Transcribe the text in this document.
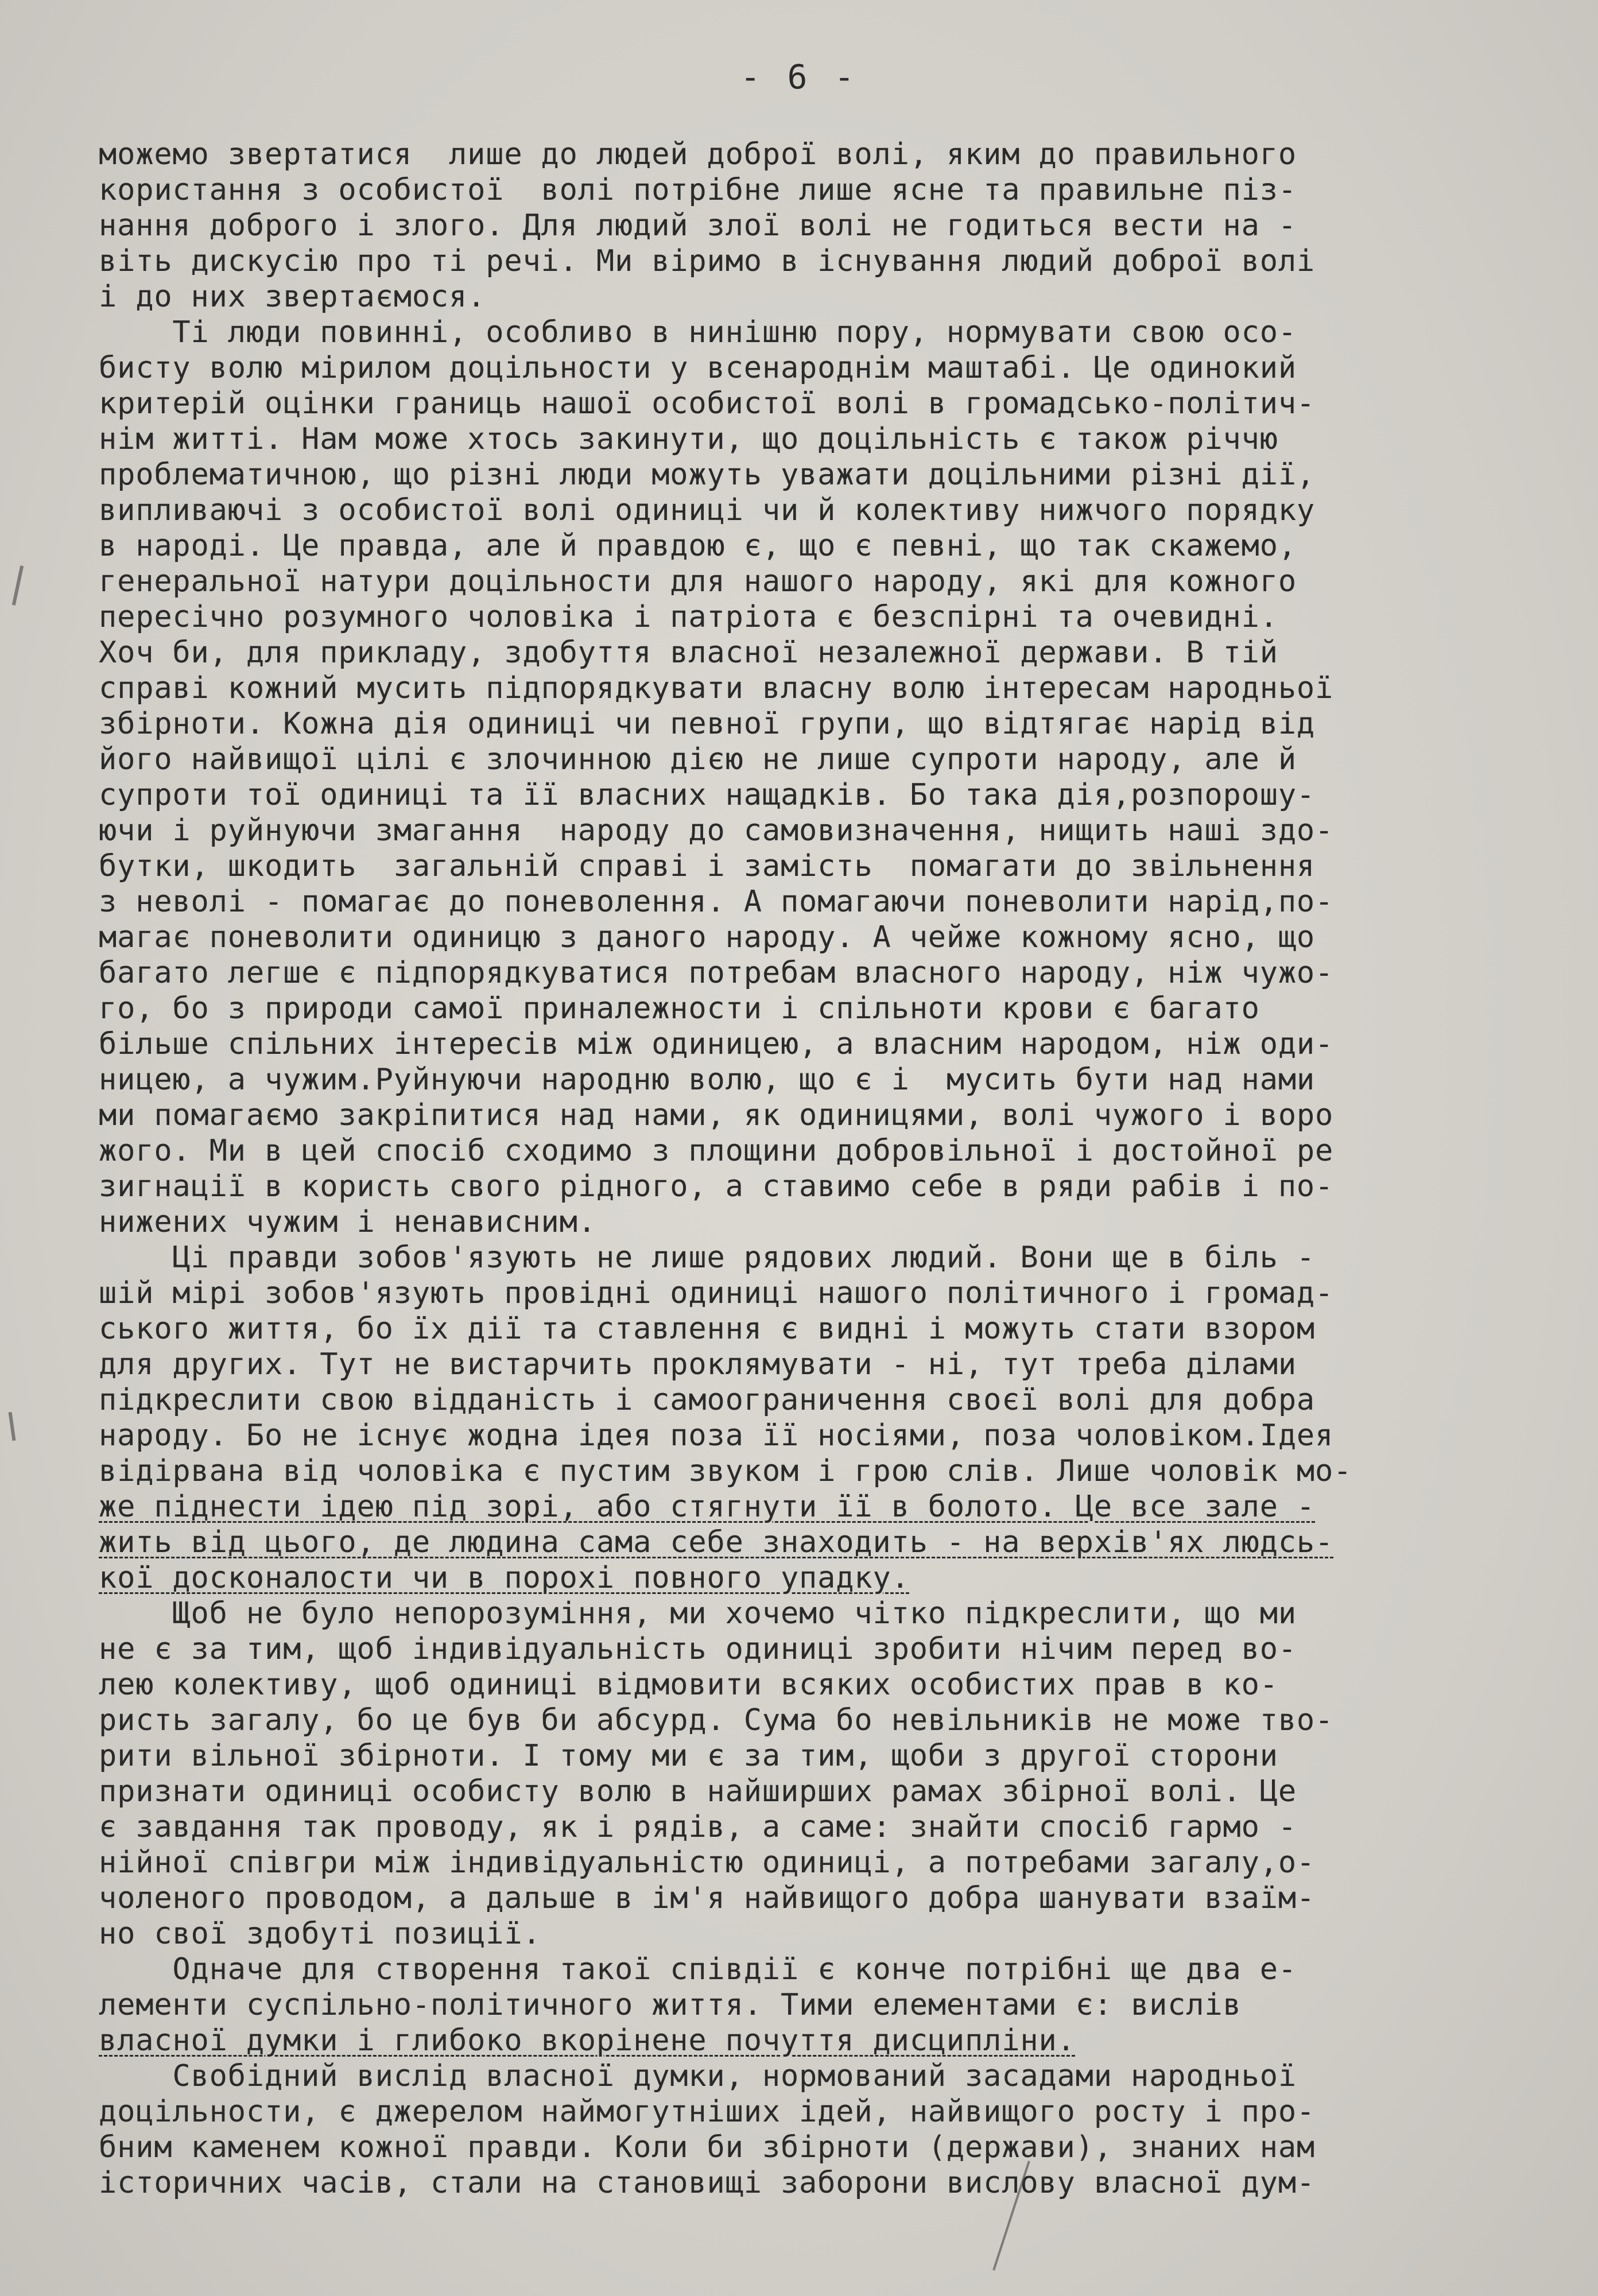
- 6 -
можемо звертатися  лише до людей доброї волі, яким до правильного
користання з особистої  волі потрібне лише ясне та правильне піз-
нання доброго і злого. Для людий злої волі не годиться вести на -
віть дискусію про ті речі. Ми віримо в існування людий доброї волі
і до них звертаємося.
Ті люди повинні, особливо в нинішню пору, нормувати свою осо-
бисту волю мірилом доцільности у всенароднім маштабі. Це одинокий
критерій оцінки границь нашої особистої волі в громадсько-політич-
нім житті. Нам може хтось закинути, що доцільність є також річчю
проблематичною, що різні люди можуть уважати доцільними різні дії,
випливаючі з особистої волі одиниці чи й колективу нижчого порядку
в народі. Це правда, але й правдою є, що є певні, що так скажемо,
генеральної натури доцільности для нашого народу, які для кожного
пересічно розумного чоловіка і патріота є безспірні та очевидні.
Хоч би, для прикладу, здобуття власної незалежної держави. В тій
справі кожний мусить підпорядкувати власну волю інтересам народньої
збірноти. Кожна дія одиниці чи певної групи, що відтягає нарід від
його найвищої цілі є злочинною дією не лише супроти народу, але й
супроти тої одиниці та її власних нащадків. Бо така дія,розпорошу-
ючи і руйнуючи змагання  народу до самовизначення, нищить наші здо-
бутки, шкодить  загальній справі і замість  помагати до звільнення
з неволі - помагає до поневолення. А помагаючи поневолити нарід,по-
магає поневолити одиницю з даного народу. А чейже кожному ясно, що
багато легше є підпорядкуватися потребам власного народу, ніж чужо-
го, бо з природи самої приналежности і спільноти крови є багато
більше спільних інтересів між одиницею, а власним народом, ніж оди-
ницею, а чужим.Руйнуючи народню волю, що є і  мусить бути над нами
ми помагаємо закріпитися над нами, як одиницями, волі чужого і воро
жого. Ми в цей спосіб сходимо з площини добровільної і достойної ре
зигнації в користь свого рідного, а ставимо себе в ряди рабів і по-
нижених чужим і ненависним.
Ці правди зобов'язують не лише рядових людий. Вони ще в біль -
шій мірі зобов'язують провідні одиниці нашого політичного і громад-
ського життя, бо їх дії та ставлення є видні і можуть стати взором
для других. Тут не вистарчить проклямувати - ні, тут треба ділами
підкреслити свою відданість і самоограничення своєї волі для добра
народу. Бо не існує жодна ідея поза її носіями, поза чоловіком.Ідея
відірвана від чоловіка є пустим звуком і грою слів. Лише чоловік мо-
же піднести ідею під зорі, або стягнути її в болото. Це все зале -
жить від цього, де людина сама себе знаходить - на верхів'ях людсь-
кої досконалости чи в порохі повного упадку.
Щоб не було непорозуміння, ми хочемо чітко підкреслити, що ми
не є за тим, щоб індивідуальність одиниці зробити нічим перед во-
лею колективу, щоб одиниці відмовити всяких особистих прав в ко-
ристь загалу, бо це був би абсурд. Сума бо невільників не може тво-
рити вільної збірноти. І тому ми є за тим, щоби з другої сторони
признати одиниці особисту волю в найширших рамах збірної волі. Це
є завдання так проводу, як і рядів, а саме: знайти спосіб гармо -
нійної співгри між індивідуальністю одиниці, а потребами загалу,о-
чоленого проводом, а дальше в ім'я найвищого добра шанувати взаїм-
но свої здобуті позиції.
Одначе для створення такої співдії є конче потрібні ще два е-
лементи суспільно-політичного життя. Тими елементами є: вислів
власної думки і глибоко вкорінене почуття дисципліни.
Свобідний вислід власної думки, нормований засадами народньої
доцільности, є джерелом наймогутніших ідей, найвищого росту і про-
бним каменем кожної правди. Коли би збірноти (держави), знаних нам
історичних часів, стали на становищі заборони вислову власної дум-
